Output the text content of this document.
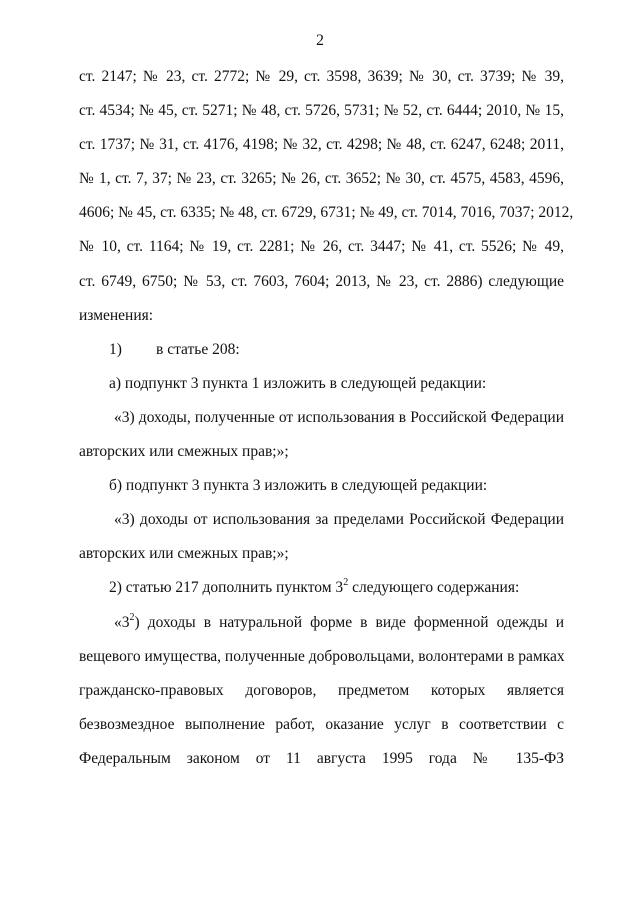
2
ст. 2147; № 23, ст. 2772; № 29, ст. 3598, 3639; № 30, ст. 3739; № 39,
ст. 4534; № 45, ст. 5271; № 48, ст. 5726, 5731; № 52, ст. 6444; 2010, № 15,
ст. 1737; № 31, ст. 4176, 4198; № 32, ст. 4298; № 48, ст. 6247, 6248; 2011,
№ 1, ст. 7, 37; № 23, ст. 3265; № 26, ст. 3652; № 30, ст. 4575, 4583, 4596,
4606; № 45, ст. 6335; № 48, ст. 6729, 6731; № 49, ст. 7014, 7016, 7037; 2012,
№ 10, ст. 1164; № 19, ст. 2281; № 26, ст. 3447; № 41, ст. 5526; № 49,
ст. 6749, 6750; № 53, ст. 7603, 7604; 2013, № 23, ст. 2886) следующие
изменения:
1) в статье 208:
а) подпункт 3 пункта 1 изложить в следующей редакции:
«3) доходы, полученные от использования в Российской Федерации
авторских или смежных прав;»;
б) подпункт 3 пункта 3 изложить в следующей редакции:
«3) доходы от использования за пределами Российской Федерации
авторских или смежных прав;»;
2) статью 217 дополнить пунктом $3^2$ следующего содержания:
«$3^2$) доходы в натуральной форме в виде форменной одежды и
вещевого имущества, полученные добровольцами, волонтерами в рамках
гражданско-правовых договоров, предметом которых является
безвозмездное выполнение работ, оказание услуг в соответствии с
Федеральным законом от 11 августа 1995 года № 135-ФЗ
